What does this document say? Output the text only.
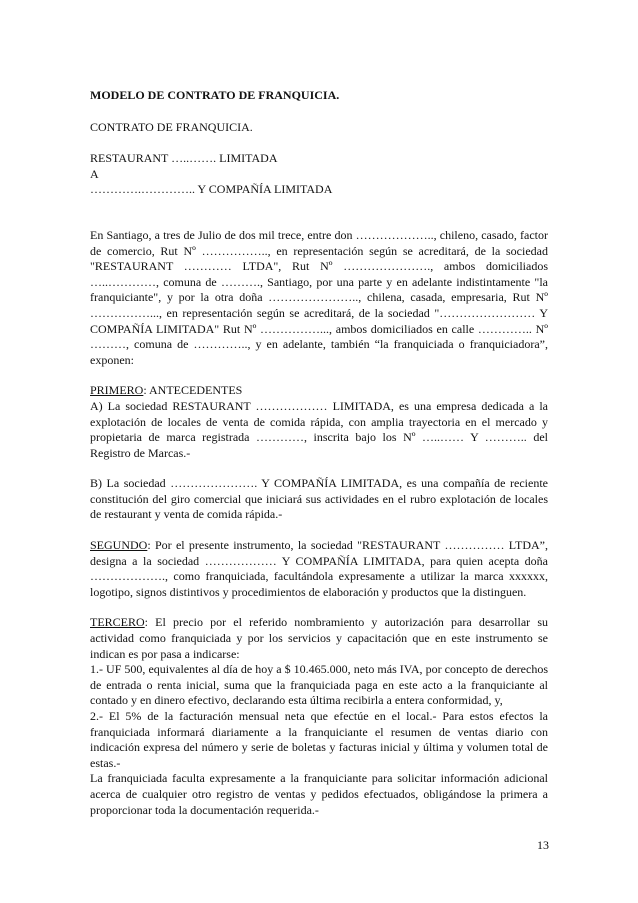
MODELO DE CONTRATO DE FRANQUICIA.

CONTRATO DE FRANQUICIA.

RESTAURANT …..……. LIMITADA

A

………….………….. Y COMPAÑÍA LIMITADA

En Santiago, a tres de Julio de dos mil trece, entre don ……………….., chileno, casado, factor de comercio, Rut Nº …………….., en representación según se acreditará, de la sociedad "RESTAURANT ………… LTDA", Rut Nº …………………., ambos domiciliados …..…………, comuna de ………., Santiago, por una parte y en adelante indistintamente "la franquiciante", y por la otra doña ………………….., chilena, casada, empresaria, Rut Nº ……………..., en representación según se acreditará, de la sociedad "…………………… Y COMPAÑÍA LIMITADA" Rut Nº ……………..., ambos domiciliados en calle ………….. Nº ………, comuna de ………….., y en adelante, también “la franquiciada o franquiciadora”, exponen:

PRIMERO: ANTECEDENTES

A) La sociedad RESTAURANT ……………… LIMITADA, es una empresa dedicada a la explotación de locales de venta de comida rápida, con amplia trayectoria en el mercado y propietaria de marca registrada …………, inscrita bajo los Nº …..…… Y ……….. del Registro de Marcas.-

B) La sociedad …………………. Y COMPAÑÍA LIMITADA, es una compañía de reciente constitución del giro comercial que iniciará sus actividades en el rubro explotación de locales de restaurant y venta de comida rápida.-

SEGUNDO: Por el presente instrumento, la sociedad "RESTAURANT …………… LTDA”, designa a la sociedad ……………… Y COMPAÑÍA LIMITADA, para quien acepta doña ………………., como franquiciada, facultándola expresamente a utilizar la marca xxxxxx, logotipo, signos distintivos y procedimientos de elaboración y productos que la distinguen.

TERCERO: El precio por el referido nombramiento y autorización para desarrollar su actividad como franquiciada y por los servicios y capacitación que en este instrumento se indican es por pasa a indicarse:

1.- UF 500, equivalentes al día de hoy a $ 10.465.000, neto más IVA, por concepto de derechos de entrada o renta inicial, suma que la franquiciada paga en este acto a la franquiciante al contado y en dinero efectivo, declarando esta última recibirla a entera conformidad, y,

2.- El 5% de la facturación mensual neta que efectúe en el local.- Para estos efectos la franquiciada informará diariamente a la franquiciante el resumen de ventas diario con indicación expresa del número y serie de boletas y facturas inicial y última y volumen total de estas.-

La franquiciada faculta expresamente a la franquiciante para solicitar información adicional acerca de cualquier otro registro de ventas y pedidos efectuados, obligándose la primera a proporcionar toda la documentación requerida.-

13
